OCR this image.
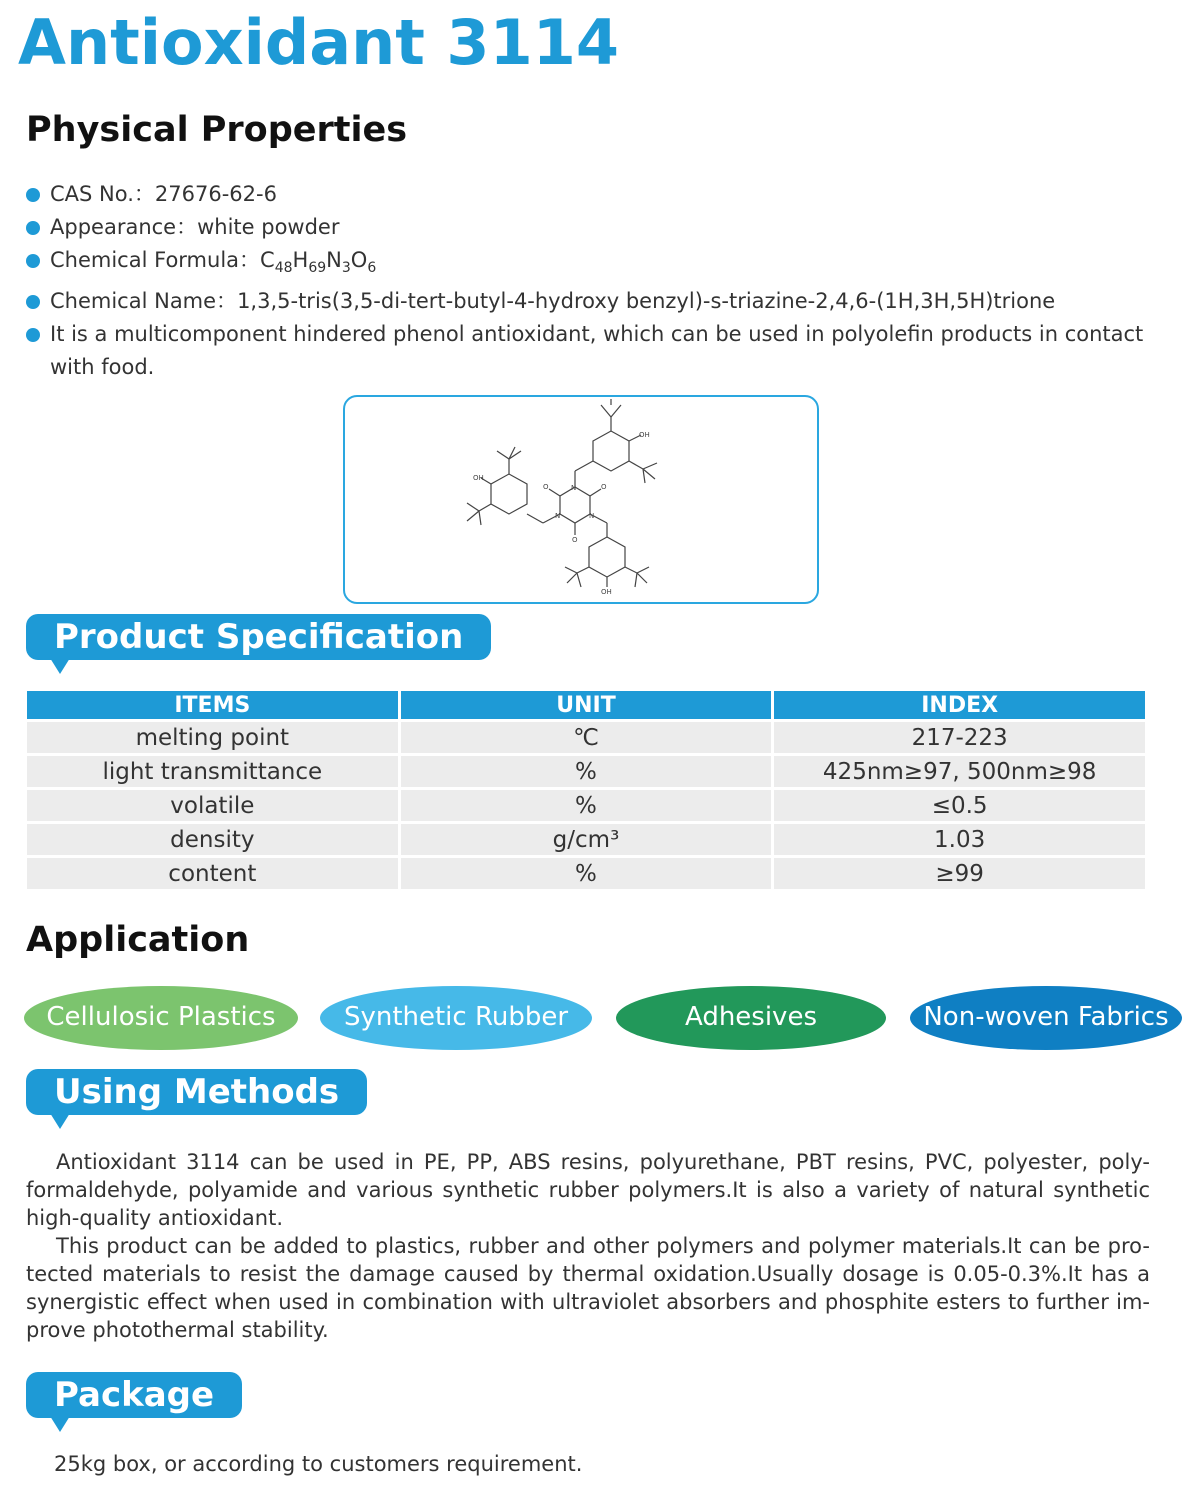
Antioxidant 3114
Physical Properties
CAS No.：27676-62-6
Appearance：white powder
Chemical Formula：$C_{48}H_{69}N_3O_6$
Chemical Name：1,3,5-tris(3,5-di-tert-butyl-4-hydroxy benzyl)-s-triazine-2,4,6-(1H,3H,5H)trione
It is a multicomponent hindered phenol antioxidant, which can be used in polyolefin products in contact with food.
OH
OH
OH
N
N	N
O
O
O
Product Specification
ITEMS	UNIT	INDEX
melting point	℃	217-223
light transmittance	%	425nm≥97, 500nm≥98
volatile	%	≤0.5
density	g/cm³	1.03
content	%	≥99
Application
Cellulosic Plastics	Synthetic Rubber	Adhesives	Non-woven Fabrics
Using Methods

Antioxidant 3114 can be used in PE, PP, ABS resins, polyurethane, PBT resins, PVC, polyester, poly-formaldehyde, polyamide and various synthetic rubber polymers.It is also a variety of natural synthetic high-quality antioxidant.

This product can be added to plastics, rubber and other polymers and polymer materials.It can be pro-tected materials to resist the damage caused by thermal oxidation.Usually dosage is 0.05-0.3%.It has a synergistic effect when used in combination with ultraviolet absorbers and phosphite esters to further im-prove photothermal stability.

Package

25kg box, or according to customers requirement.
